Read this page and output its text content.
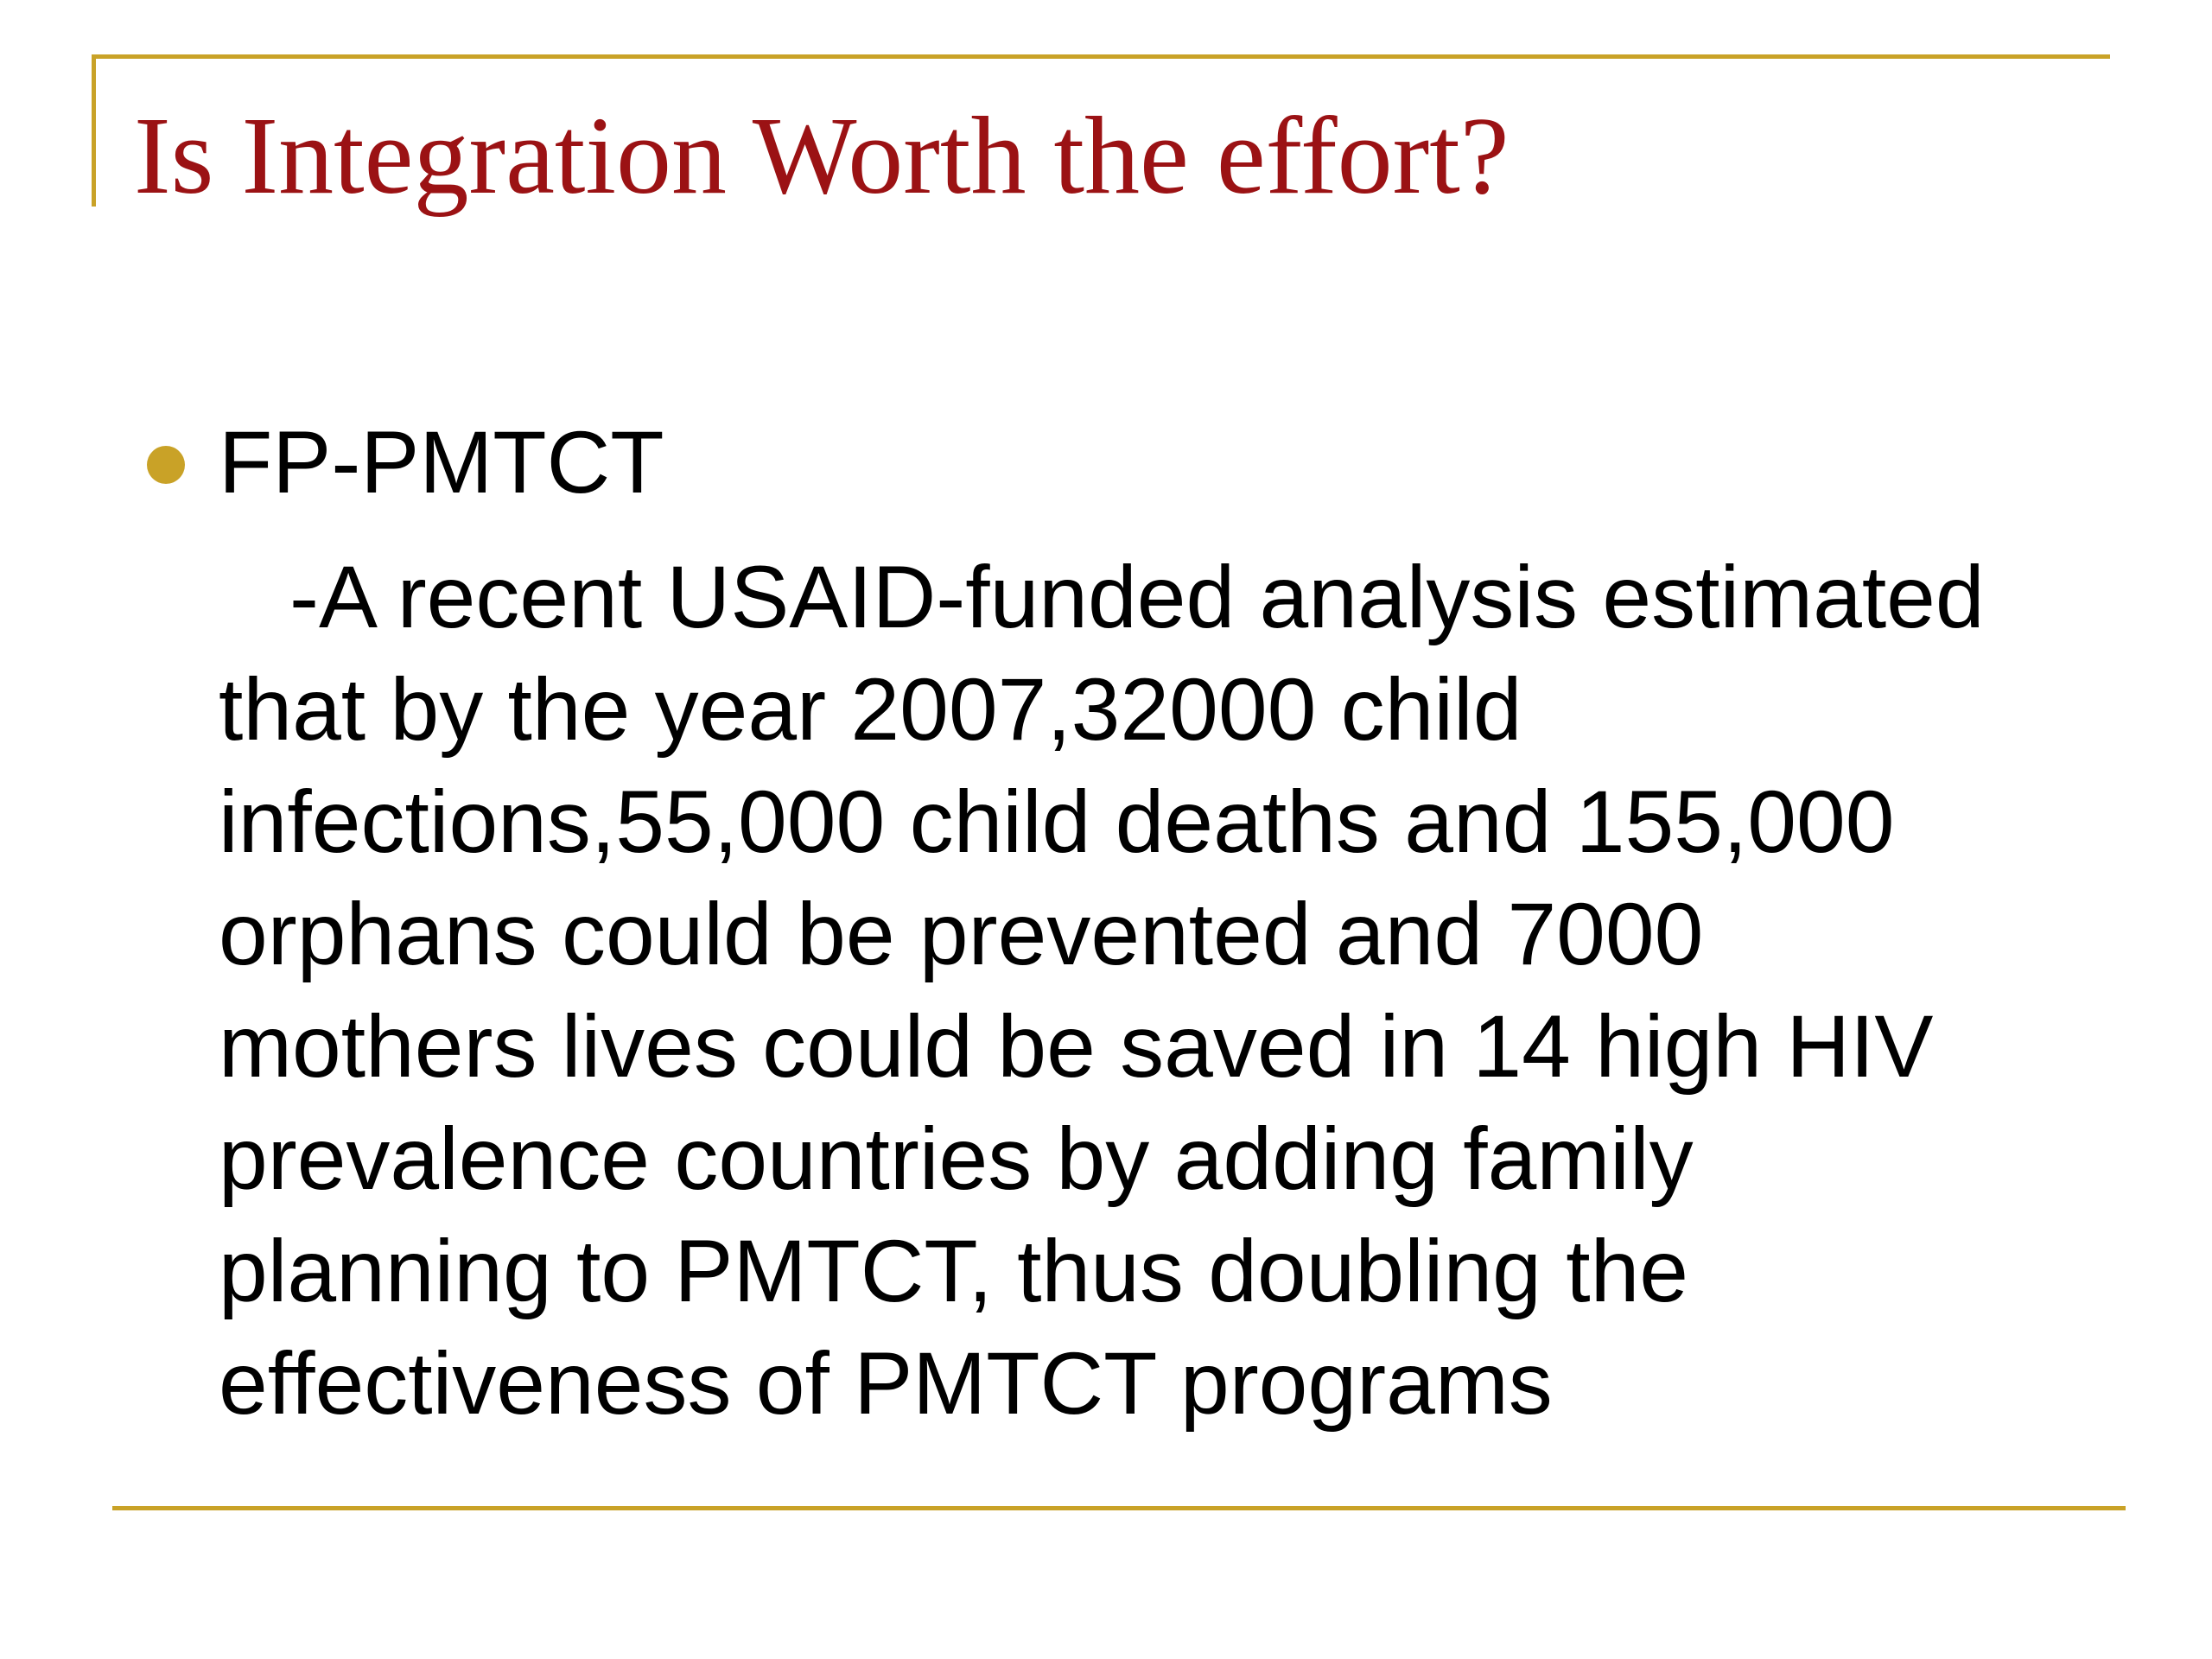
Is Integration Worth the effort?

FP-PMTCT

-A recent USAID-funded analysis estimated
that by the year 2007,32000 child
infections,55,000 child deaths and 155,000
orphans could be prevented and 7000
mothers lives could be saved in 14 high HIV
prevalence countries by adding family
planning to PMTCT, thus doubling the
effectiveness of PMTCT programs
